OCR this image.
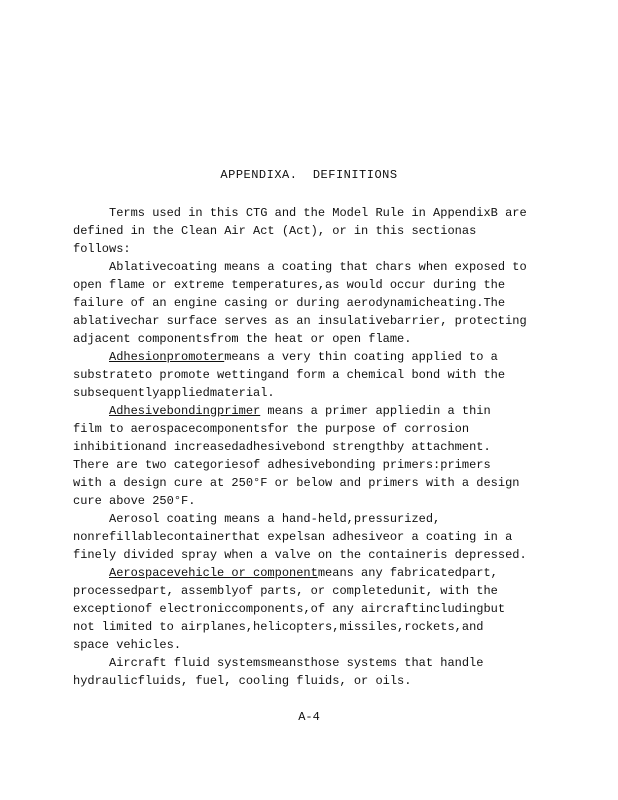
APPENDIXA.  DEFINITIONS
Terms used in this CTG and the Model Rule in AppendixB are
defined in the Clean Air Act (Act), or in this sectionas
follows:
Ablativecoating means a coating that chars when exposed to
open flame or extreme temperatures,as would occur during the
failure of an engine casing or during aerodynamicheating.The
ablativechar surface serves as an insulativebarrier, protecting
adjacent componentsfrom the heat or open flame.
Adhesionpromoter means a very thin coating applied to a
substrateto promote wettingand form a chemical bond with the
subsequentlyappliedmaterial.
Adhesivebondingprimer means a primer appliedin a thin
film to aerospacecomponentsfor the purpose of corrosion
inhibitionand increasedadhesivebond strengthby attachment.
There are two categoriesof adhesivebonding primers:primers
with a design cure at 250°F or below and primers with a design
cure above 250°F.
Aerosol coating means a hand-held,pressurized,
nonrefillablecontainerthat expelsan adhesiveor a coating in a
finely divided spray when a valve on the containeris depressed.
Aerospacevehicle or component means any fabricatedpart,
processedpart, assemblyof parts, or completedunit, with the
exceptionof electroniccomponents,of any aircraftincludingbut
not limited to airplanes,helicopters,missiles,rockets,and
space vehicles.
Aircraft fluid systemsmeansthose systems that handle
hydraulicfluids, fuel, cooling fluids, or oils.
A-4
